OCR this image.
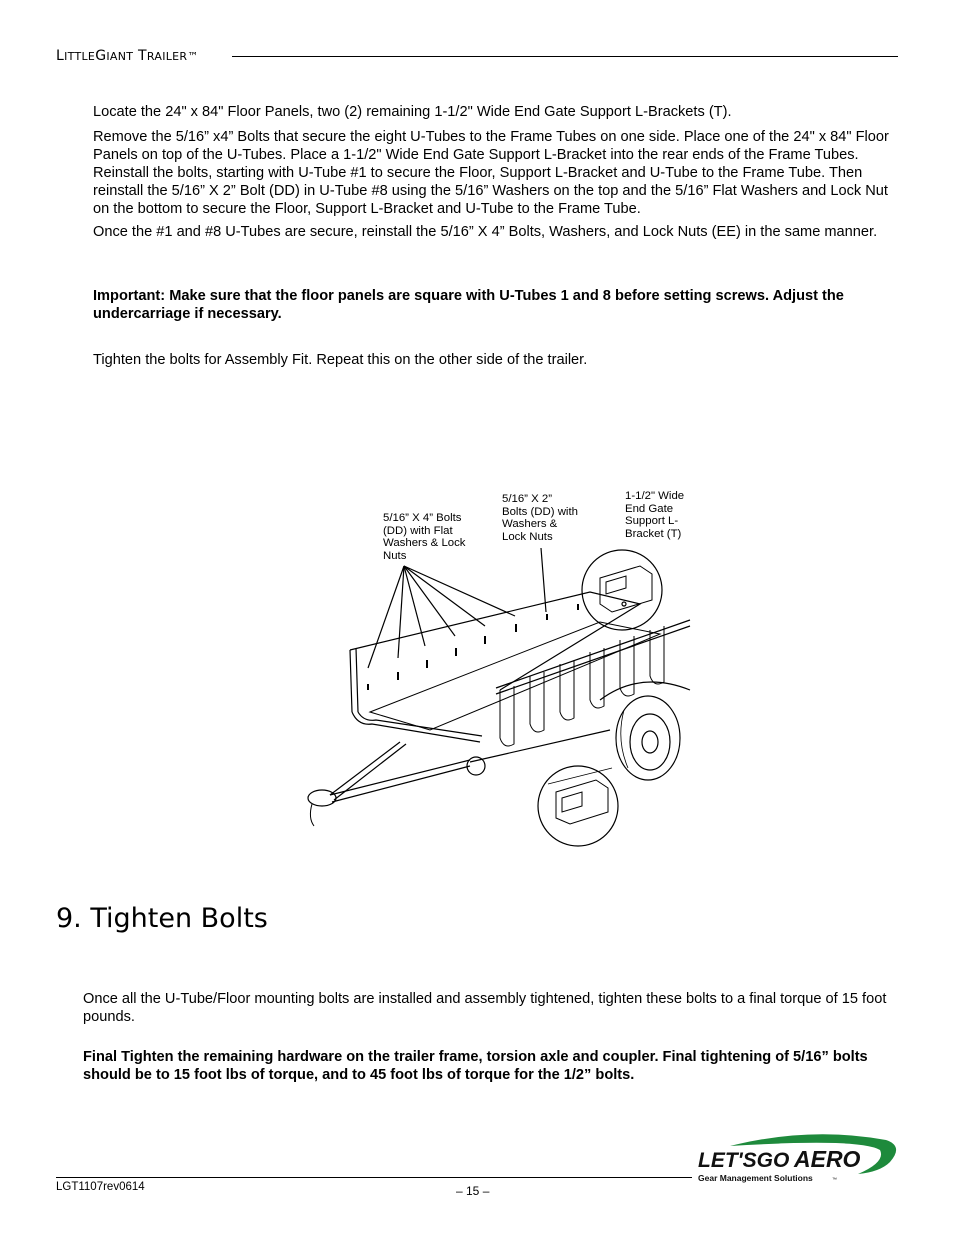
LITTLEGIANT TRAILER™

Locate the 24" x 84" Floor Panels, two (2) remaining 1-1/2" Wide End Gate Support L-Brackets (T).

Remove the 5/16” x4” Bolts that secure the eight U-Tubes to the Frame Tubes on one side. Place one of the 24" x 84" Floor Panels on top of the U-Tubes. Place a 1-1/2" Wide End Gate Support L-Bracket into the rear ends of the Frame Tubes. Reinstall the bolts, starting with U-Tube #1 to secure the Floor, Support L-Bracket and U-Tube to the Frame Tube. Then reinstall the 5/16” X 2” Bolt (DD) in U-Tube #8 using the 5/16” Washers on the top and the 5/16” Flat Washers and Lock Nut on the bottom to secure the Floor, Support L-Bracket and U-Tube to the Frame Tube.

Once the #1 and #8 U-Tubes are secure, reinstall the 5/16” X 4” Bolts, Washers, and Lock Nuts (EE) in the same manner.

Important: Make sure that the floor panels are square with U-Tubes 1 and 8 before setting screws. Adjust the undercarriage if necessary.

Tighten the bolts for Assembly Fit. Repeat this on the other side of the trailer.

5/16” X 4” Bolts
(DD) with Flat
Washers & Lock
Nuts

5/16” X 2”
Bolts (DD) with
Washers &
Lock Nuts

1-1/2" Wide
End Gate
Support L-
Bracket (T)

9. Tighten Bolts

Once all the U-Tube/Floor mounting bolts are installed and assembly tightened, tighten these bolts to a final torque of 15 foot pounds.

Final Tighten the remaining hardware on the trailer frame, torsion axle and coupler. Final tightening of 5/16” bolts should be to 15 foot lbs of torque, and to 45 foot lbs of torque for the 1/2” bolts.

LGT1107rev0614	– 15 –
LET'SGO AERO
Gear Management Solutions	™
